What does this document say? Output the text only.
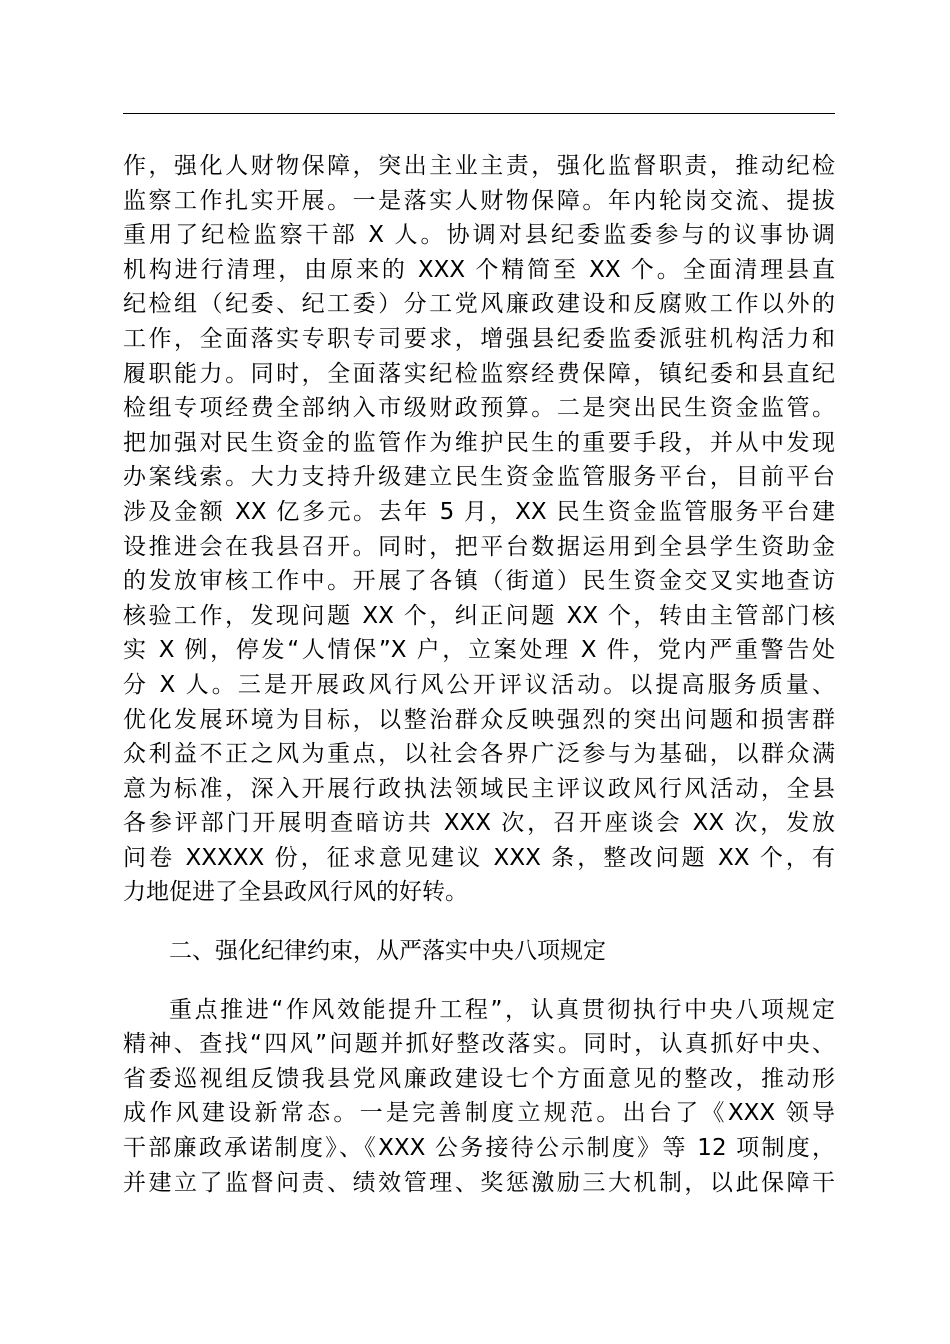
作，强化人财物保障，突出主业主责，强化监督职责，推动纪检
监察工作扎实开展。一是落实人财物保障。年内轮岗交流、提拔
重用了纪检监察干部 X 人。协调对县纪委监委参与的议事协调
机构进行清理，由原来的 XXX 个精简至 XX 个。全面清理县直
纪检组（纪委、纪工委）分工党风廉政建设和反腐败工作以外的
工作，全面落实专职专司要求，增强县纪委监委派驻机构活力和
履职能力。同时，全面落实纪检监察经费保障，镇纪委和县直纪
检组专项经费全部纳入市级财政预算。二是突出民生资金监管。
把加强对民生资金的监管作为维护民生的重要手段，并从中发现
办案线索。大力支持升级建立民生资金监管服务平台，目前平台
涉及金额 XX 亿多元。去年 5 月，XX 民生资金监管服务平台建
设推进会在我县召开。同时，把平台数据运用到全县学生资助金
的发放审核工作中。开展了各镇（街道）民生资金交叉实地查访
核验工作，发现问题 XX 个，纠正问题 XX 个，转由主管部门核
实 X 例，停发“人情保”X 户，立案处理 X 件，党内严重警告处
分 X 人。三是开展政风行风公开评议活动。以提高服务质量、
优化发展环境为目标，以整治群众反映强烈的突出问题和损害群
众利益不正之风为重点，以社会各界广泛参与为基础，以群众满
意为标准，深入开展行政执法领域民主评议政风行风活动，全县
各参评部门开展明查暗访共 XXX 次，召开座谈会 XX 次，发放
问卷 XXXXX 份，征求意见建议 XXX 条，整改问题 XX 个，有
力地促进了全县政风行风的好转。
二、强化纪律约束，从严落实中央八项规定
重点推进“作风效能提升工程”，认真贯彻执行中央八项规定
精神、查找“四风”问题并抓好整改落实。同时，认真抓好中央、
省委巡视组反馈我县党风廉政建设七个方面意见的整改，推动形
成作风建设新常态。一是完善制度立规范。出台了《XXX 领导
干部廉政承诺制度》、《XXX 公务接待公示制度》等 12 项制度，
并建立了监督问责、绩效管理、奖惩激励三大机制，以此保障干
